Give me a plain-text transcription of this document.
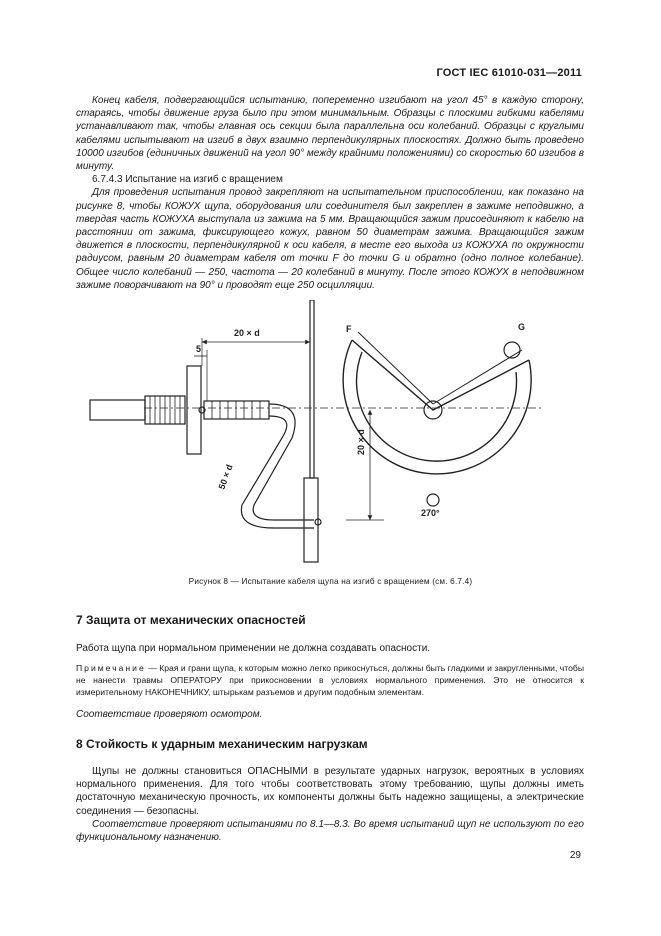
ГОСТ IEC 61010-031—2011

Конец кабеля, подвергающийся испытанию, попеременно изгибают на угол 45° в каждую сторону, стараясь, чтобы движение груза было при этом минимальным. Образцы с плоскими гибкими кабелями устанавливают так, чтобы главная ось секции была параллельна оси колебаний. Образцы с круглыми кабелями испытывают на изгиб в двух взаимно перпендикулярных плоскостях. Должно быть проведено 10000 изгибов (единичных движений на угол 90° между крайними положениями) со скоростью 60 изгибов в минуту.

6.7.4.3 Испытание на изгиб с вращением

Для проведения испытания провод закрепляют на испытательном приспособлении, как показано на рисунке 8, чтобы КОЖУХ щупа, оборудования или соединителя был закреплен в зажиме неподвижно, а твердая часть КОЖУХА выступала из зажима на 5 мм. Вращающийся зажим присоединяют к кабелю на расстоянии от зажима, фиксирующего кожух, равном 50 диаметрам зажима. Вращающийся зажим движется в плоскости, перпендикулярной к оси кабеля, в месте его выхода из КОЖУХА по окружности радиусом, равным 20 диаметрам кабеля от точки F до точки G и обратно (одно полное колебание). Общее число колебаний — 250, частота — 20 колебаний в минуту. После этого КОЖУХ в неподвижном зажиме поворачивают на 90° и проводят еще 250 осцилляции.

20 × d
5
50 × d
20 × d
F	G
270°
Рисунок 8 — Испытание кабеля щупа на изгиб с вращением (см. 6.7.4)
7 Защита от механических опасностей

Работа щупа при нормальном применении не должна создавать опасности.

Примечание — Края и грани щупа, к которым можно легко прикоснуться, должны быть гладкими и закругленными, чтобы не нанести травмы ОПЕРАТОРУ при прикосновении в условиях нормального применения. Это не относится к измерительному НАКОНЕЧНИКУ, штырькам разъемов и другим подобным элементам.
Соответствие проверяют осмотром.
8 Стойкость к ударным механическим нагрузкам

Щупы не должны становиться ОПАСНЫМИ в результате ударных нагрузок, вероятных в условиях нормального применения. Для того чтобы соответствовать этому требованию, щупы должны иметь достаточную механическую прочность, их компоненты должны быть надежно защищены, а электрические соединения — безопасны.

Соответствие проверяют испытаниями по 8.1—8.3. Во время испытаний щуп не используют по его функциональному назначению.

29
